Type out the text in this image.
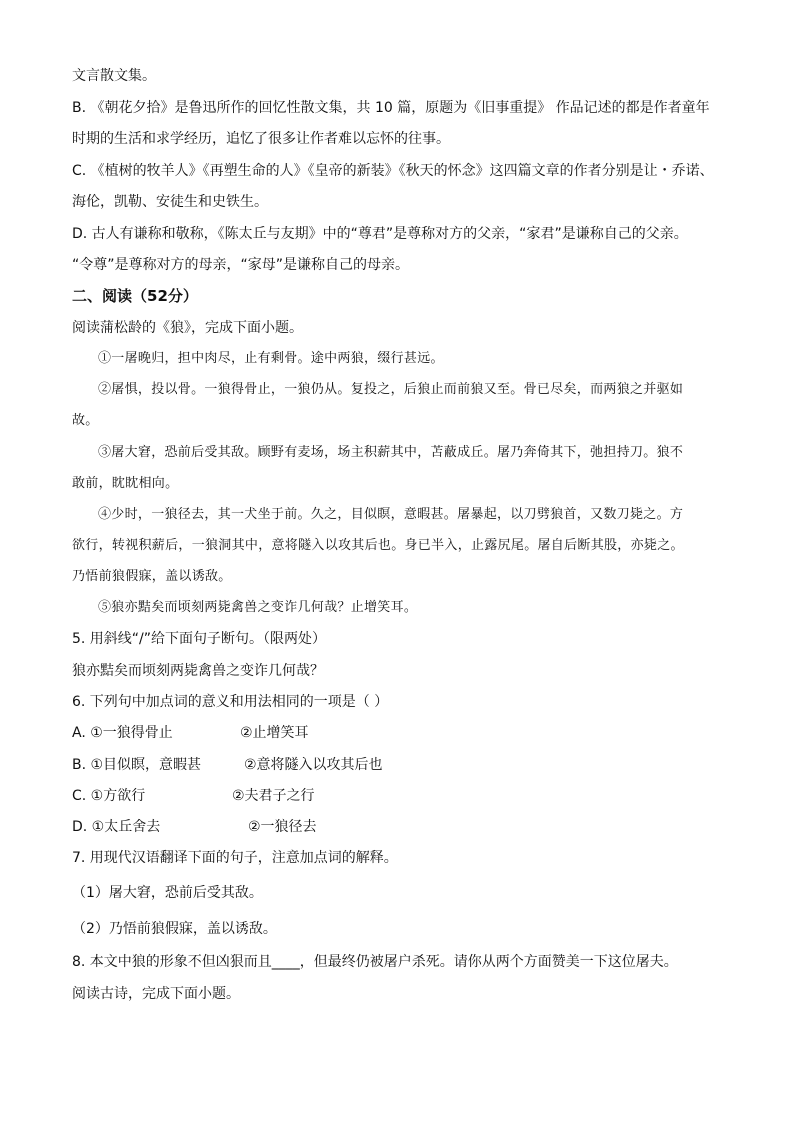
文言散文集。
B. 《朝花夕拾》是鲁迅所作的回忆性散文集，共 10 篇，原题为《旧事重提》 作品记述的都是作者童年
时期的生活和求学经历，追忆了很多让作者难以忘怀的往事。
C. 《植树的牧羊人》《再塑生命的人》《皇帝的新装》《秋天的怀念》这四篇文章的作者分别是让・乔诺、
海伦，凯勒、安徒生和史铁生。
D. 古人有谦称和敬称，《陈太丘与友期》中的“尊君”是尊称对方的父亲，“家君”是谦称自己的父亲。
“令尊”是尊称对方的母亲，“家母”是谦称自己的母亲。
二、阅读（52分）
阅读蒲松龄的《狼》，完成下面小题。
①一屠晚归，担中肉尽，止有剩骨。途中两狼，缀行甚远。
②屠惧，投以骨。一狼得骨止，一狼仍从。复投之，后狼止而前狼又至。骨已尽矣，而两狼之并驱如
故。
③屠大窘，恐前后受其敌。顾野有麦场，场主积薪其中，苫蔽成丘。屠乃奔倚其下，弛担持刀。狼不
敢前，眈眈相向。
④少时，一狼径去，其一犬坐于前。久之，目似瞑，意暇甚。屠暴起，以刀劈狼首，又数刀毙之。方
欲行，转视积薪后，一狼洞其中，意将隧入以攻其后也。身已半入，止露尻尾。屠自后断其股，亦毙之。
乃悟前狼假寐，盖以诱敌。
⑤狼亦黠矣而顷刻两毙禽兽之变诈几何哉？止增笑耳。
5. 用斜线“/”给下面句子断句。（限两处）
狼亦黠矣而顷刻两毙禽兽之变诈几何哉？
6. 下列句中加点词的意义和用法相同的一项是（ ）
A. ①一狼得骨止	②止增笑耳
B. ①目似瞑，意暇甚	②意将隧入以攻其后也
C. ①方欲行	②夫君子之行
D. ①太丘舍去	②一狼径去
7. 用现代汉语翻译下面的句子，注意加点词的解释。
（1）屠大窘，恐前后受其敌。
（2）乃悟前狼假寐，盖以诱敌。
8. 本文中狼的形象不但凶狠而且____，但最终仍被屠户杀死。请你从两个方面赞美一下这位屠夫。
阅读古诗，完成下面小题。
